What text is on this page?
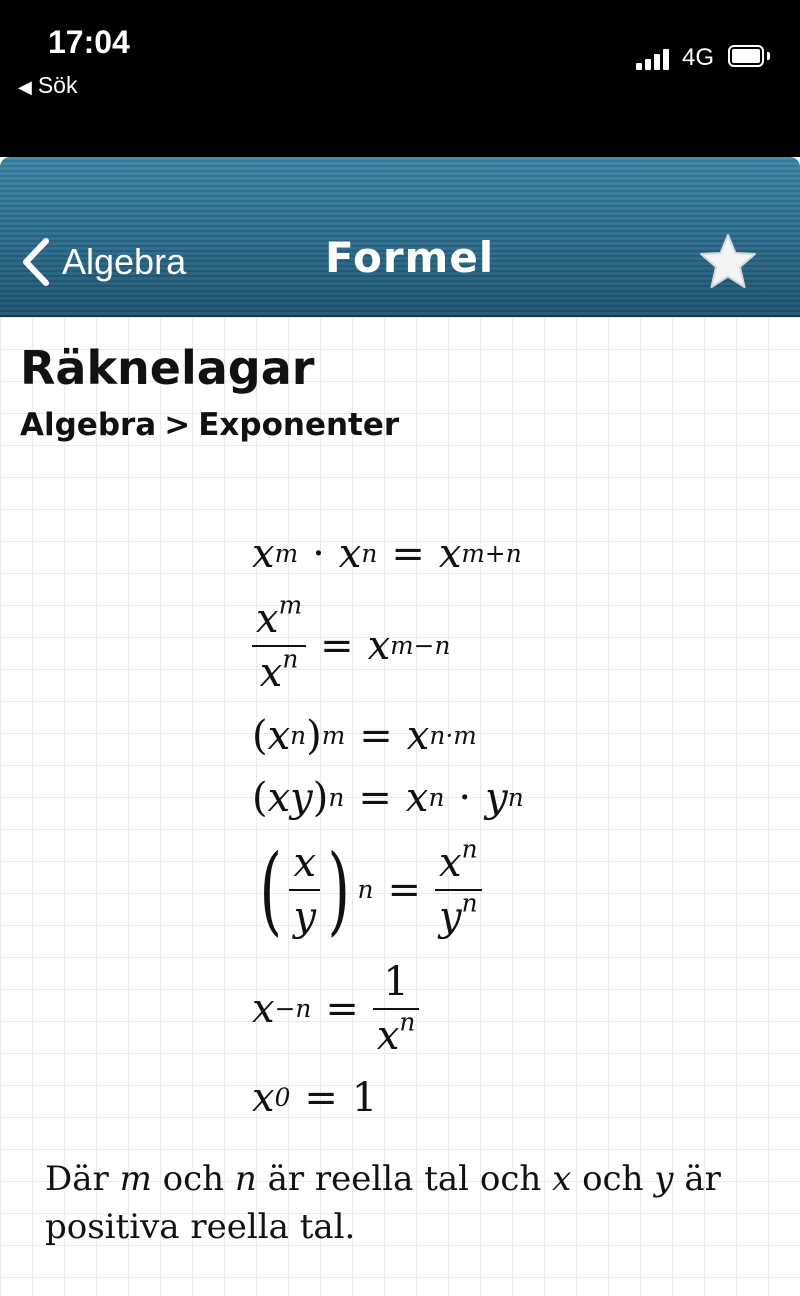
17:04
◀ Sök
4G
Algebra	Formel
Räknelagar
Algebra > Exponenter
x m · x n = x m+n
$\frac{x^m}{x^n} = x$ m−n
( x n ) m = x n·m
( xy ) n = x n · y n
( $\frac{x}{y}$ ) $n = \frac{x^n}{y^n}$
$x -n = \frac{1}{x^n}$
x 0 = 1

Där m och n är reella tal och x och y är positiva reella tal.
